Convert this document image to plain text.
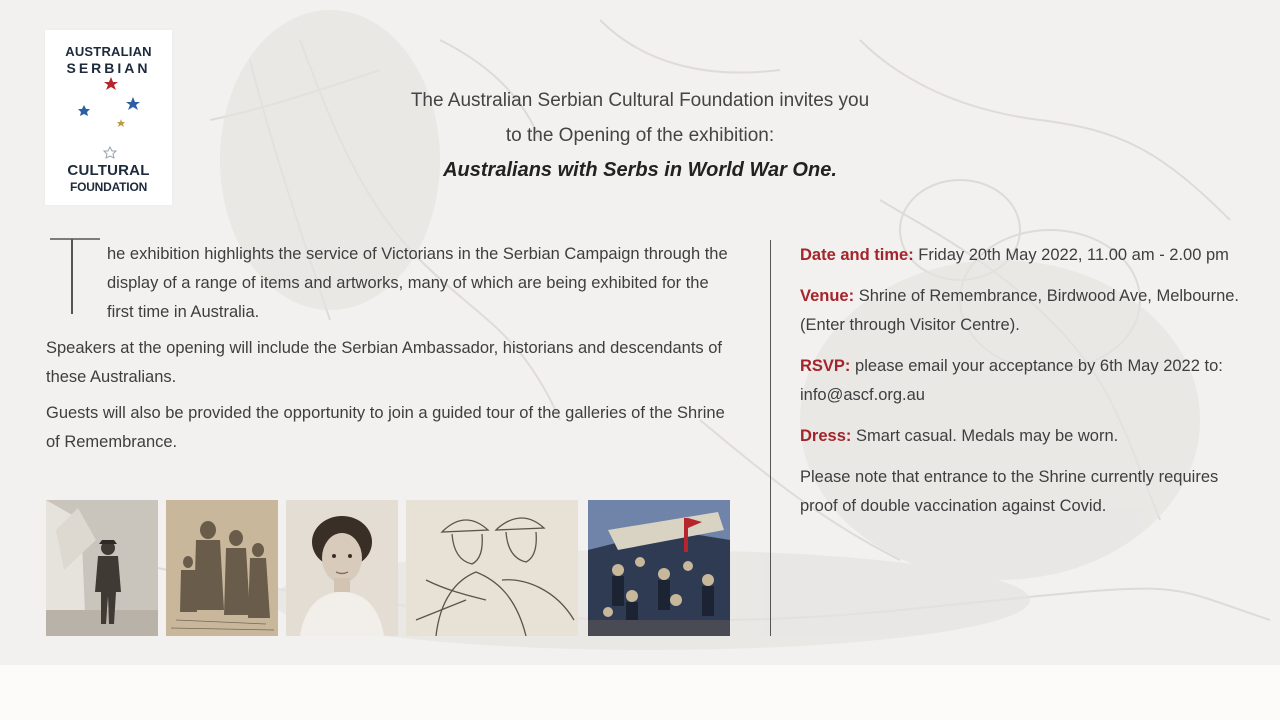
AUSTRALIAN
SERBIAN
CULTURAL
FOUNDATION
The Australian Serbian Cultural Foundation invites you
to the Opening of the exhibition:
Australians with Serbs in World War One.

he exhibition highlights the service of Victorians in the Serbian Campaign through the display of a range of items and artworks, many of which are being exhibited for the first time in Australia.

Speakers at the opening will include the Serbian Ambassador, historians and descendants of these Australians.

Guests will also be provided the opportunity to join a guided tour of the galleries of the Shrine of Remembrance.

Date and time: Friday 20th May 2022, 11.00 am - 2.00 pm

Venue: Shrine of Remembrance, Birdwood Ave, Melbourne. (Enter through Visitor Centre).

RSVP: please email your acceptance by 6th May 2022 to: info@ascf.org.au

Dress: Smart casual. Medals may be worn.

Please note that entrance to the Shrine currently requires proof of double vaccination against Covid.
